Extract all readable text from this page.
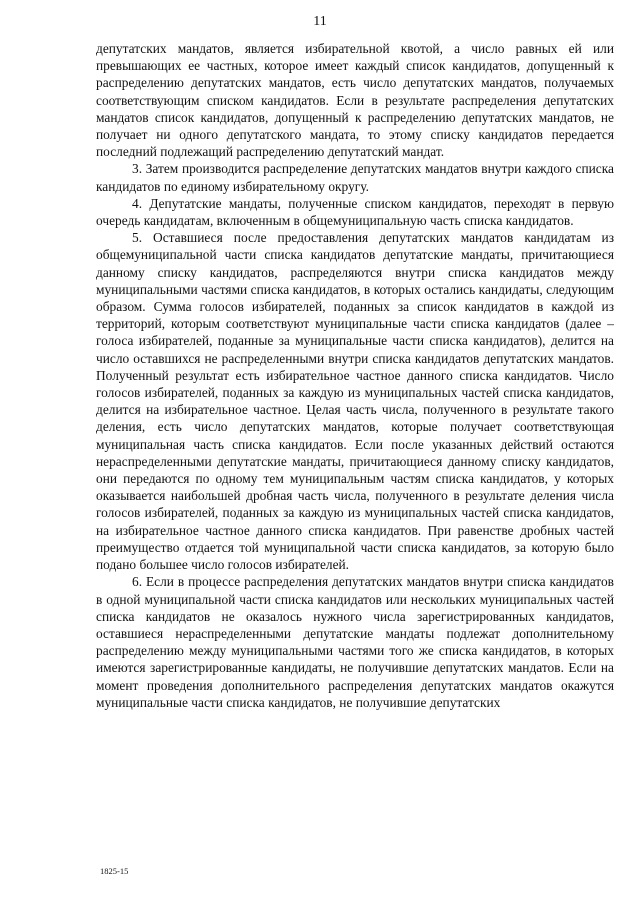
11

депутатских мандатов, является избирательной квотой, а число равных ей или превышающих ее частных, которое имеет каждый список кандидатов, допущенный к распределению депутатских мандатов, есть число депутатских мандатов, получаемых соответствующим списком кандидатов. Если в результате распределения депутатских мандатов список кандидатов, допущенный к распределению депутатских мандатов, не получает ни одного депутатского мандата, то этому списку кандидатов передается последний подлежащий распределению депутатский мандат.

3. Затем производится распределение депутатских мандатов внутри каждого списка кандидатов по единому избирательному округу.

4. Депутатские мандаты, полученные списком кандидатов, переходят в первую очередь кандидатам, включенным в общемуниципальную часть списка кандидатов.

5. Оставшиеся после предоставления депутатских мандатов кандидатам из общемуниципальной части списка кандидатов депутатские мандаты, причитающиеся данному списку кандидатов, распределяются внутри списка кандидатов между муниципальными частями списка кандидатов, в которых остались кандидаты, следующим образом. Сумма голосов избирателей, поданных за список кандидатов в каждой из территорий, которым соответствуют муниципальные части списка кандидатов (далее – голоса избирателей, поданные за муниципальные части списка кандидатов), делится на число оставшихся не распределенными внутри списка кандидатов депутатских мандатов. Полученный результат есть избирательное частное данного списка кандидатов. Число голосов избирателей, поданных за каждую из муниципальных частей списка кандидатов, делится на избирательное частное. Целая часть числа, полученного в результате такого деления, есть число депутатских мандатов, которые получает соответствующая муниципальная часть списка кандидатов. Если после указанных действий остаются нераспределенными депутатские мандаты, причитающиеся данному списку кандидатов, они передаются по одному тем муниципальным частям списка кандидатов, у которых оказывается наибольшей дробная часть числа, полученного в результате деления числа голосов избирателей, поданных за каждую из муниципальных частей списка кандидатов, на избирательное частное данного списка кандидатов. При равенстве дробных частей преимущество отдается той муниципальной части списка кандидатов, за которую было подано большее число голосов избирателей.

6. Если в процессе распределения депутатских мандатов внутри списка кандидатов в одной муниципальной части списка кандидатов или нескольких муниципальных частей списка кандидатов не оказалось нужного числа зарегистрированных кандидатов, оставшиеся нераспределенными депутатские мандаты подлежат дополнительному распределению между муниципальными частями того же списка кандидатов, в которых имеются зарегистрированные кандидаты, не получившие депутатских мандатов. Если на момент проведения дополнительного распределения депутатских мандатов окажутся муниципальные части списка кандидатов, не получившие депутатских

1825-15
